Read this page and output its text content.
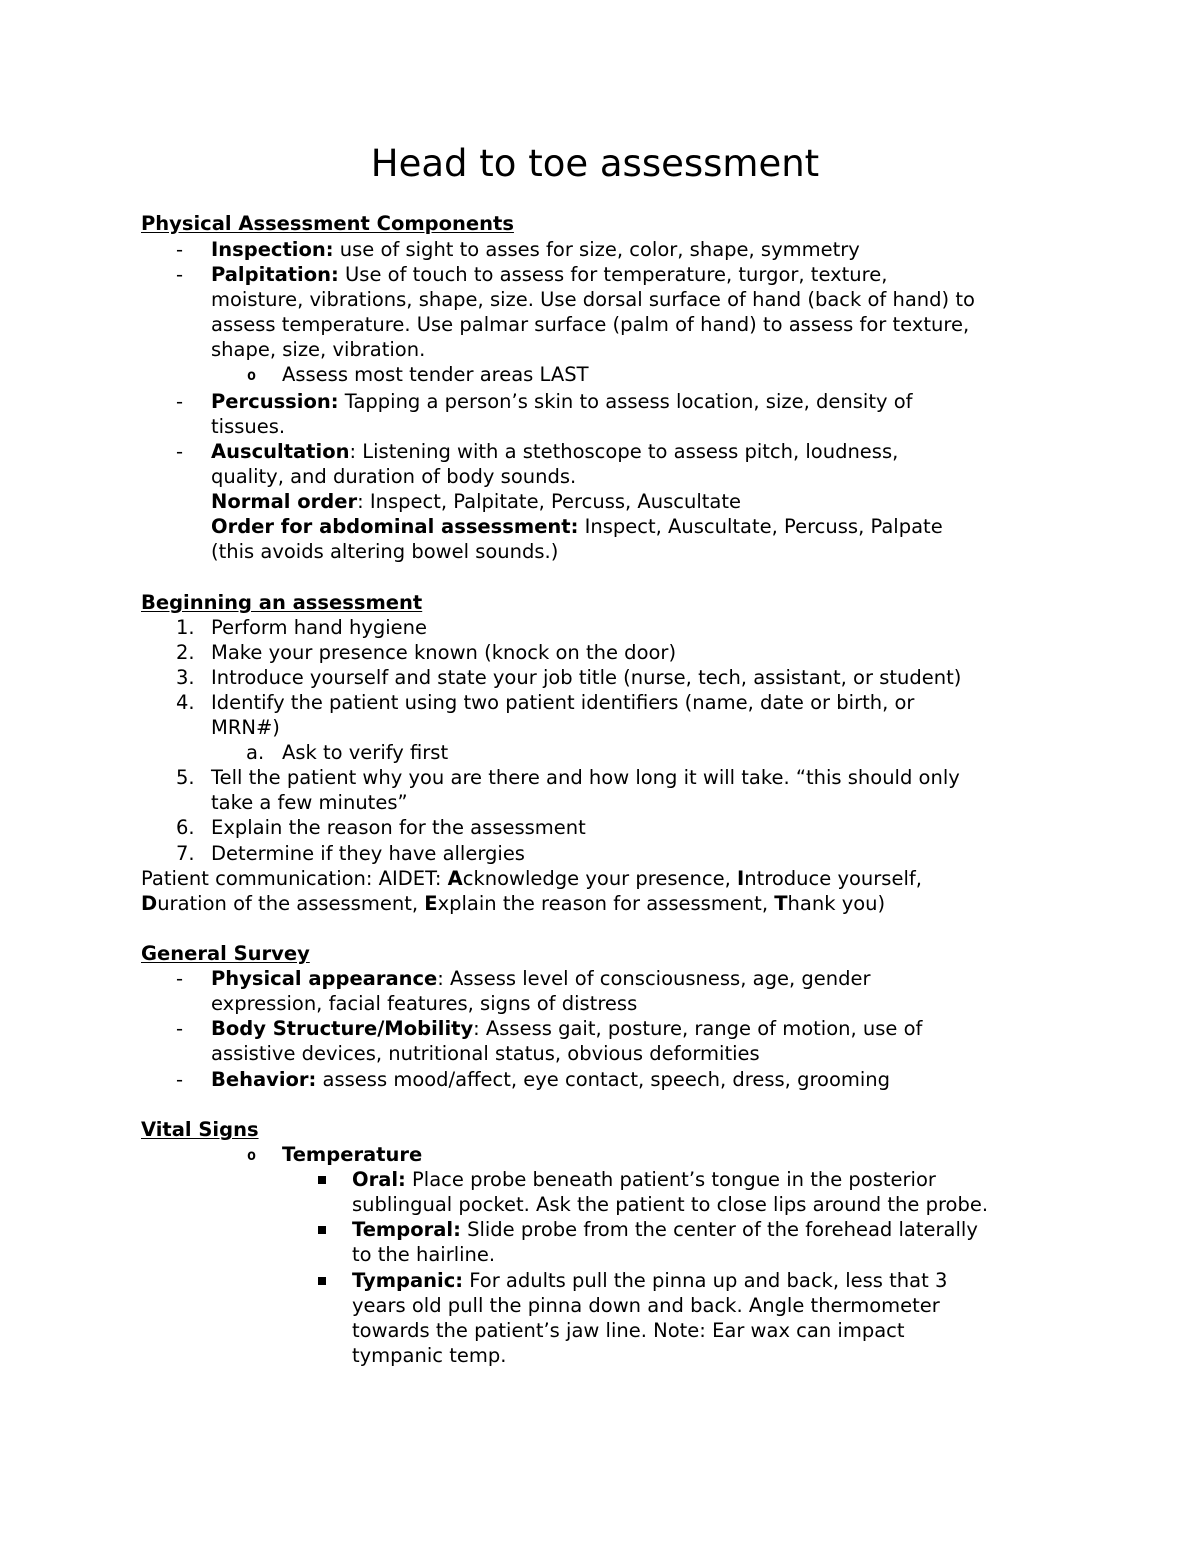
Head to toe assessment
Physical Assessment Components
- Inspection: use of sight to asses for size, color, shape, symmetry
- Palpitation: Use of touch to assess for temperature, turgor, texture,
moisture, vibrations, shape, size. Use dorsal surface of hand (back of hand) to
assess temperature. Use palmar surface (palm of hand) to assess for texture,
shape, size, vibration.
o Assess most tender areas LAST
- Percussion: Tapping a person’s skin to assess location, size, density of
tissues.
- Auscultation: Listening with a stethoscope to assess pitch, loudness,
quality, and duration of body sounds.
Normal order: Inspect, Palpitate, Percuss, Auscultate
Order for abdominal assessment: Inspect, Auscultate, Percuss, Palpate
(this avoids altering bowel sounds.)
Beginning an assessment
1. Perform hand hygiene
2. Make your presence known (knock on the door)
3. Introduce yourself and state your job title (nurse, tech, assistant, or student)
4. Identify the patient using two patient identifiers (name, date or birth, or
MRN#)
a. Ask to verify first
5. Tell the patient why you are there and how long it will take. “this should only
take a few minutes”
6. Explain the reason for the assessment
7. Determine if they have allergies
Patient communication: AIDET: Acknowledge your presence, Introduce yourself,
Duration of the assessment, Explain the reason for assessment, Thank you)
General Survey
- Physical appearance: Assess level of consciousness, age, gender
expression, facial features, signs of distress
- Body Structure/Mobility: Assess gait, posture, range of motion, use of
assistive devices, nutritional status, obvious deformities
- Behavior: assess mood/affect, eye contact, speech, dress, grooming
Vital Signs
o Temperature
Oral: Place probe beneath patient’s tongue in the posterior
sublingual pocket. Ask the patient to close lips around the probe.
Temporal: Slide probe from the center of the forehead laterally
to the hairline.
Tympanic: For adults pull the pinna up and back, less that 3
years old pull the pinna down and back. Angle thermometer
towards the patient’s jaw line. Note: Ear wax can impact
tympanic temp.
